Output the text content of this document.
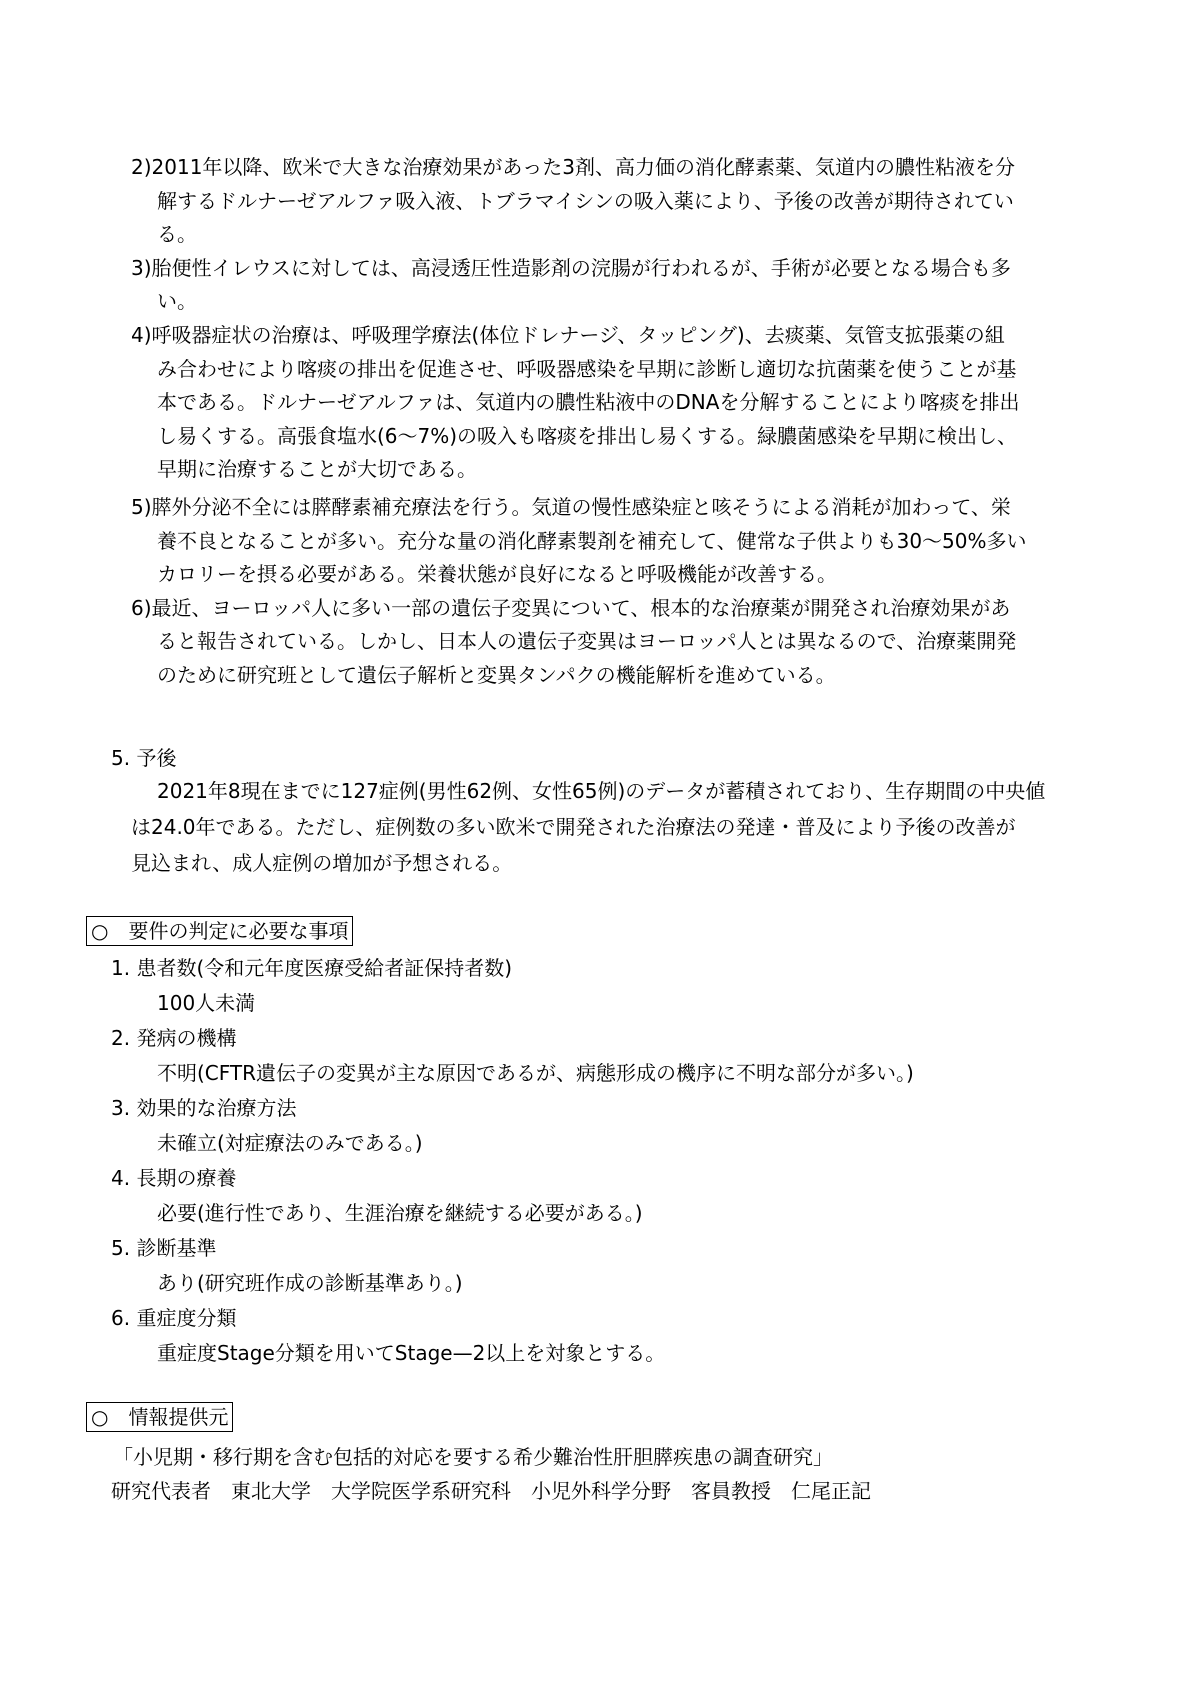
2)2011年以降、欧米で大きな治療効果があった3剤、高力価の消化酵素薬、気道内の膿性粘液を分
解するドルナーゼアルファ吸入液、トブラマイシンの吸入薬により、予後の改善が期待されてい
る。
3)胎便性イレウスに対しては、高浸透圧性造影剤の浣腸が行われるが、手術が必要となる場合も多
い。
4)呼吸器症状の治療は、呼吸理学療法(体位ドレナージ、タッピング)、去痰薬、気管支拡張薬の組
み合わせにより喀痰の排出を促進させ、呼吸器感染を早期に診断し適切な抗菌薬を使うことが基
本である。ドルナーゼアルファは、気道内の膿性粘液中のDNAを分解することにより喀痰を排出
し易くする。高張食塩水(6～7%)の吸入も喀痰を排出し易くする。緑膿菌感染を早期に検出し、
早期に治療することが大切である。
5)膵外分泌不全には膵酵素補充療法を行う。気道の慢性感染症と咳そうによる消耗が加わって、栄
養不良となることが多い。充分な量の消化酵素製剤を補充して、健常な子供よりも30～50%多い
カロリーを摂る必要がある。栄養状態が良好になると呼吸機能が改善する。
6)最近、ヨーロッパ人に多い一部の遺伝子変異について、根本的な治療薬が開発され治療効果があ
ると報告されている。しかし、日本人の遺伝子変異はヨーロッパ人とは異なるので、治療薬開発
のために研究班として遺伝子解析と変異タンパクの機能解析を進めている。
5. 予後
2021年8現在までに127症例(男性62例、女性65例)のデータが蓄積されており、生存期間の中央値
は24.0年である。ただし、症例数の多い欧米で開発された治療法の発達・普及により予後の改善が
見込まれ、成人症例の増加が予想される。
○　要件の判定に必要な事項
1. 患者数(令和元年度医療受給者証保持者数)
100人未満
2. 発病の機構
不明(CFTR遺伝子の変異が主な原因であるが、病態形成の機序に不明な部分が多い。)
3. 効果的な治療方法
未確立(対症療法のみである。)
4. 長期の療養
必要(進行性であり、生涯治療を継続する必要がある。)
5. 診断基準
あり(研究班作成の診断基準あり。)
6. 重症度分類
重症度Stage分類を用いてStage—2以上を対象とする。
○　情報提供元
「小児期・移行期を含む包括的対応を要する希少難治性肝胆膵疾患の調査研究」
研究代表者　東北大学　大学院医学系研究科　小児外科学分野　客員教授　仁尾正記
